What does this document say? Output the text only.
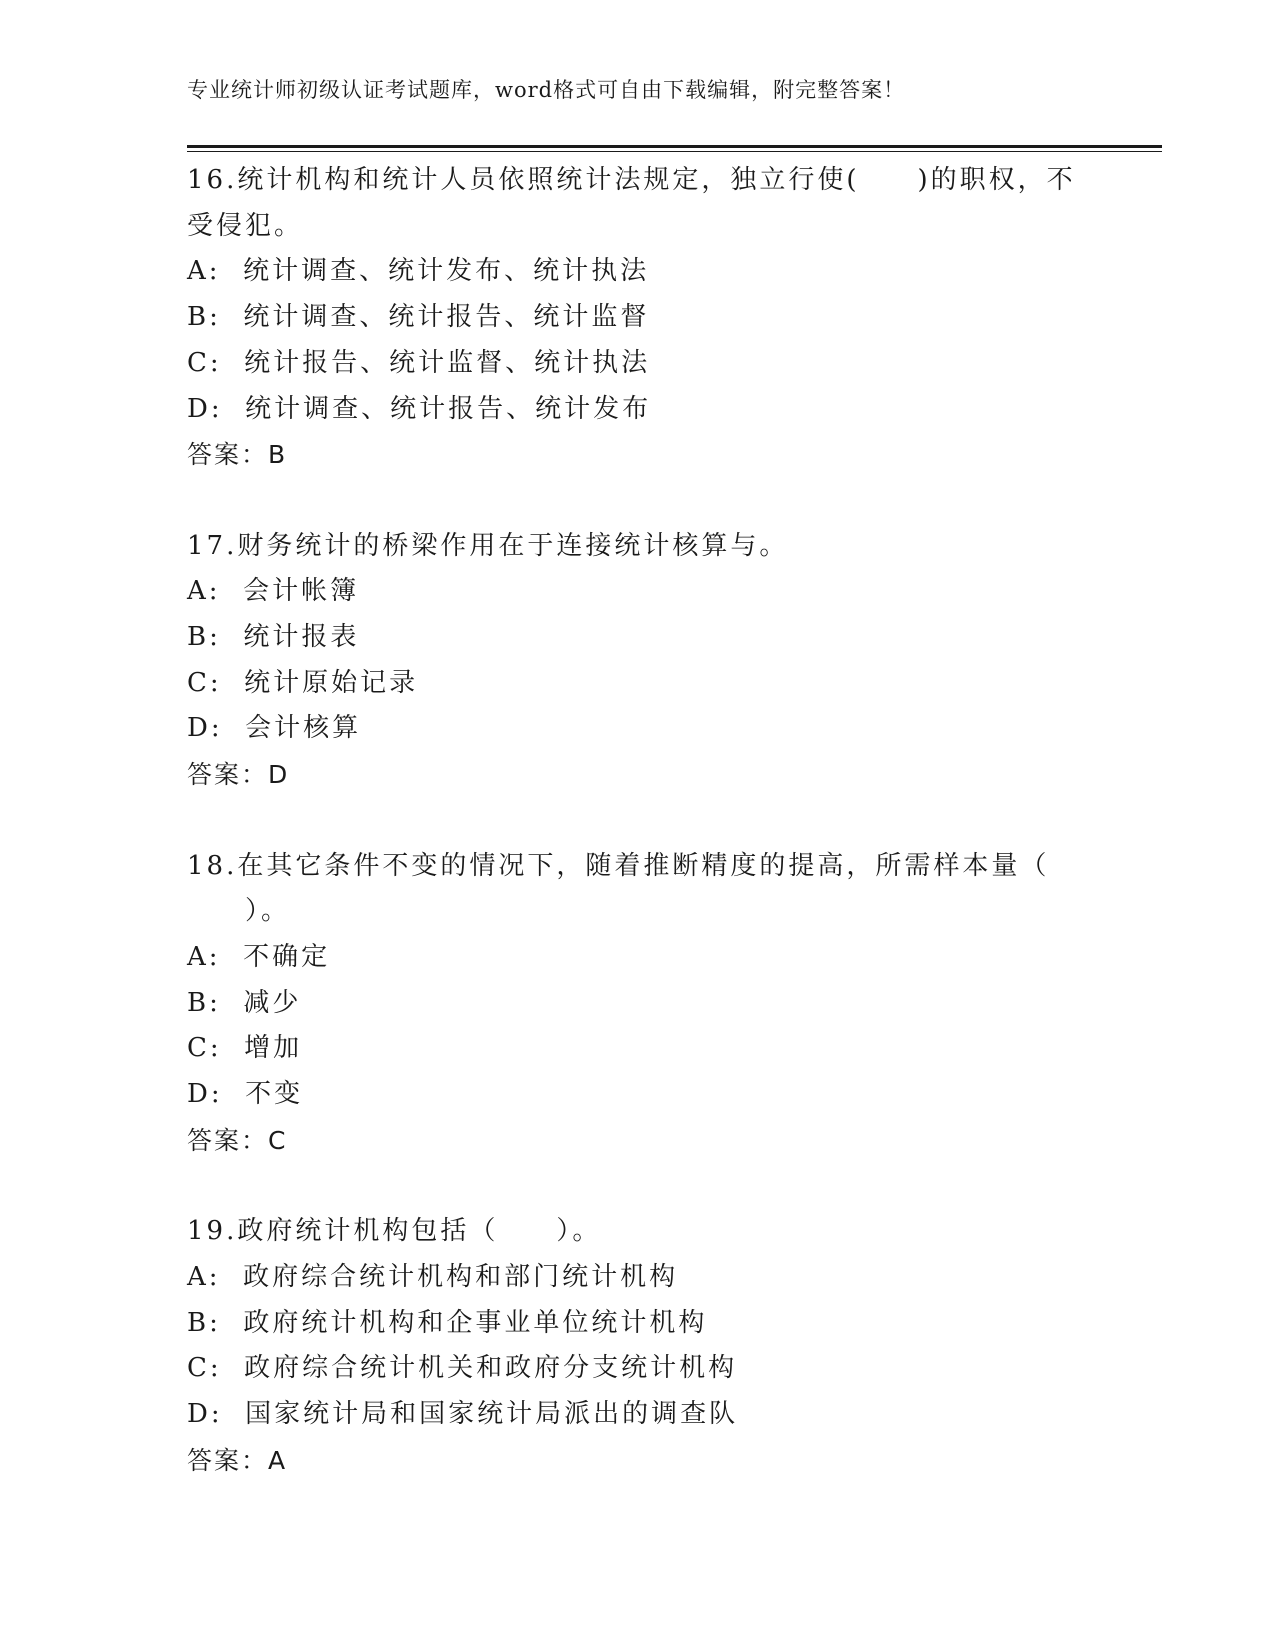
专业统计师初级认证考试题库，word格式可自由下载编辑，附完整答案！
16.统计机构和统计人员依照统计法规定，独立行使(　　)的职权，不
受侵犯。
A:  统计调查、统计发布、统计执法
B:  统计调查、统计报告、统计监督
C:  统计报告、统计监督、统计执法
D:  统计调查、统计报告、统计发布
答案：B
17.财务统计的桥梁作用在于连接统计核算与。
A:  会计帐簿
B:  统计报表
C:  统计原始记录
D:  会计核算
答案：D
18.在其它条件不变的情况下，随着推断精度的提高，所需样本量（
　　）。
A:  不确定
B:  减少
C:  增加
D:  不变
答案：C
19.政府统计机构包括（　　）。
A:  政府综合统计机构和部门统计机构
B:  政府统计机构和企事业单位统计机构
C:  政府综合统计机关和政府分支统计机构
D:  国家统计局和国家统计局派出的调查队
答案：A
